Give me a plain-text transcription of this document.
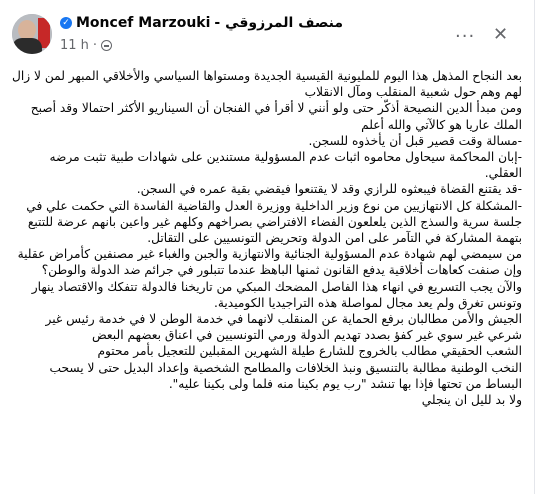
✓ Moncef Marzouki - منصف المرزوقي
11 h ·	··· ✕

بعد النجاح المذهل هذا اليوم للمليونية القيسية الجديدة ومستواها السياسي والأخلاقي المبهر لمن لا زال لهم وهم حول شعبية المنقلب ومآل الانقلاب

ومن مبدأ الدين النصيحة أذكّر حتى ولو أنني لا أقرأ في الفنجان أن السيناريو الأكثر احتمالا وقد أصبح الملك عاريا هو كالآتي والله أعلم

-مسالة وقت قصير قبل أن يأخذوه للسجن.

-إبان المحاكمة سيحاول محاموه اثبات عدم المسؤولية مستندين على شهادات طبية تثبت مرضه العقلي.

-قد يقتنع القضاة فيبعثوه للرازي وقد لا يقتنعوا فيقضي بقية عمره في السجن.

-المشكلة كل الانتهازيين من نوع وزير الداخلية ووزيرة العدل والقاضية الفاسدة التي حكمت علي في جلسة سرية والسذج الذين يلعلعون الفضاء الافتراضي بصراخهم وكلهم غير واعين بانهم عرضة للتتبع بتهمة المشاركة في التآمر على امن الدولة وتحريض التونسيين على التقاتل.

من سيمضي لهم شهادة عدم المسؤولية الجنائية والانتهازية والجبن والغباء غير مصنفين كأمراض عقلية وإن صنفت كعاهات أخلاقية يدفع القانون ثمنها الباهظ عندما تتبلور في جرائم ضد الدولة والوطن؟

والآن يجب التسريع في انهاء هذا الفاصل المضحك المبكي من تاريخنا فالدولة تتفكك والاقتصاد ينهار وتونس تغرق ولم يعد مجال لمواصلة هذه التراجيديا الكوميدية.

الجيش والأمن مطالبان برفع الحماية عن المنقلب لانهما في خدمة الوطن لا في خدمة رئيس غير شرعي غير سوي غير كفؤ بصدد تهديم الدولة ورمي التونسيين في اعناق بعضهم البعض

الشعب الحقيقي مطالب بالخروج للشارع طيلة الشهرين المقبلين للتعجيل بأمر محتوم

النخب الوطنية مطالبة بالتنسيق ونبذ الخلافات والمطامح الشخصية وإعداد البديل حتى لا يسحب البساط من تحتها فإذا بها تنشد "رب يوم بكينا منه فلما ولى بكينا عليه".

ولا بد لليل ان ينجلي
